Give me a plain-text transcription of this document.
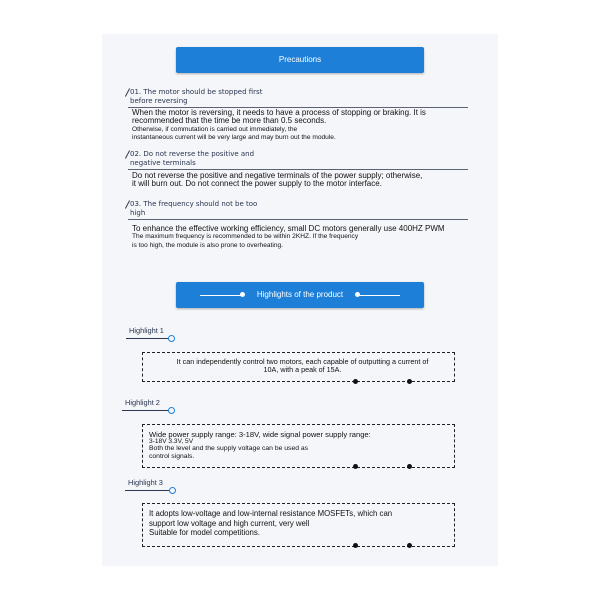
Precautions
01. The motor should be stopped first
before reversing
When the motor is reversing, it needs to have a process of stopping or braking. It is
recommended that the time be more than 0.5 seconds.
Otherwise, if commutation is carried out immediately, the
instantaneous current will be very large and may burn out the module.
02. Do not reverse the positive and
negative terminals
Do not reverse the positive and negative terminals of the power supply; otherwise,
it will burn out. Do not connect the power supply to the motor interface.
03. The frequency should not be too
high
To enhance the effective working efficiency, small DC motors generally use 400HZ PWM
The maximum frequency is recommended to be within 2KHZ. If the frequency
is too high, the module is also prone to overheating.
Highlights of the product
Highlight 1
It can independently control two motors, each capable of outputting a current of
10A, with a peak of 15A.
Highlight 2
Wide power supply range: 3-18V, wide signal power supply range:
3-18V 3.3V, 5V
Both the level and the supply voltage can be used as
control signals.
Highlight 3
It adopts low-voltage and low-internal resistance MOSFETs, which can
support low voltage and high current, very well
Suitable for model competitions.
